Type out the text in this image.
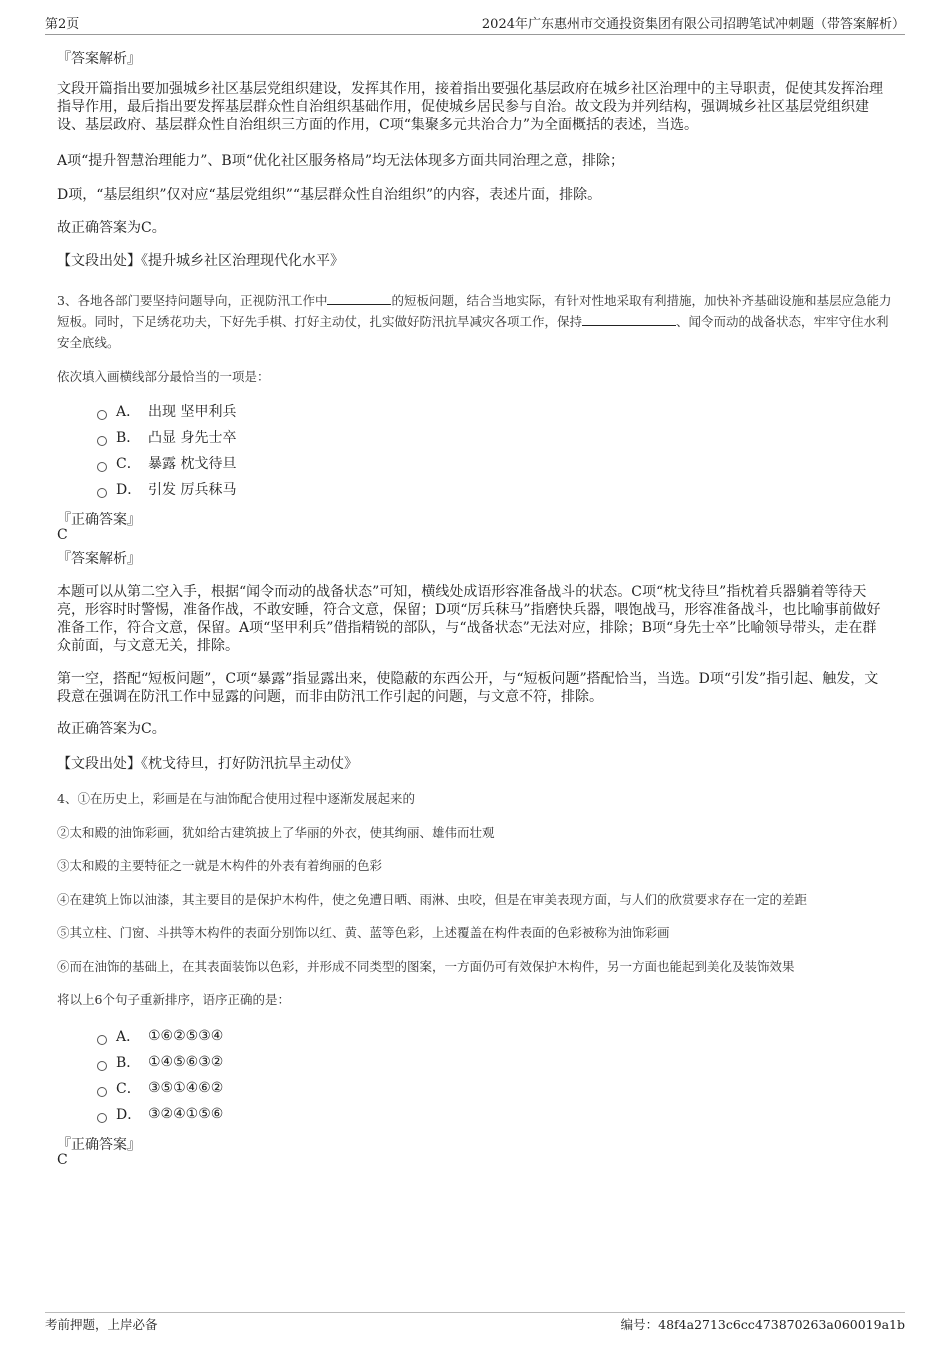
第2页	2024年广东惠州市交通投资集团有限公司招聘笔试冲刺题（带答案解析）
『答案解析』
文段开篇指出要加强城乡社区基层党组织建设，发挥其作用，接着指出要强化基层政府在城乡社区治理中的主导职责，促使其发挥治理指导作用，最后指出要发挥基层群众性自治组织基础作用，促使城乡居民参与自治。故文段为并列结构，强调城乡社区基层党组织建设、基层政府、基层群众性自治组织三方面的作用，C项“集聚多元共治合力”为全面概括的表述，当选。
A项“提升智慧治理能力”、B项“优化社区服务格局”均无法体现多方面共同治理之意，排除；
D项，“基层组织”仅对应“基层党组织”“基层群众性自治组织”的内容，表述片面，排除。
故正确答案为C。
【文段出处】《提升城乡社区治理现代化水平》
3、各地各部门要坚持问题导向，正视防汛工作中	的短板问题，结合当地实际，有针对性地采取有利措施，加快补齐基础设施和基层应急能力短板。同时，下足绣花功夫，下好先手棋、打好主动仗，扎实做好防汛抗旱减灾各项工作，保持	、闻令而动的战备状态，牢牢守住水利安全底线。
依次填入画横线部分最恰当的一项是：
A． 出现 坚甲利兵
B． 凸显 身先士卒
C． 暴露 枕戈待旦
D． 引发 厉兵秣马
『正确答案』
C
『答案解析』
本题可以从第二空入手，根据“闻令而动的战备状态”可知，横线处成语形容准备战斗的状态。C项“枕戈待旦”指枕着兵器躺着等待天亮，形容时时警惕，准备作战，不敢安睡，符合文意，保留；D项“厉兵秣马”指磨快兵器，喂饱战马，形容准备战斗，也比喻事前做好准备工作，符合文意，保留。A项“坚甲利兵”借指精锐的部队，与“战备状态”无法对应，排除；B项“身先士卒”比喻领导带头，走在群众前面，与文意无关，排除。
第一空，搭配“短板问题”，C项“暴露”指显露出来，使隐蔽的东西公开，与“短板问题”搭配恰当，当选。D项“引发”指引起、触发，文段意在强调在防汛工作中显露的问题，而非由防汛工作引起的问题，与文意不符，排除。
故正确答案为C。
【文段出处】《枕戈待旦，打好防汛抗旱主动仗》
4、①在历史上，彩画是在与油饰配合使用过程中逐渐发展起来的
②太和殿的油饰彩画，犹如给古建筑披上了华丽的外衣，使其绚丽、雄伟而壮观
③太和殿的主要特征之一就是木构件的外表有着绚丽的色彩
④在建筑上饰以油漆，其主要目的是保护木构件，使之免遭日晒、雨淋、虫咬，但是在审美表现方面，与人们的欣赏要求存在一定的差距
⑤其立柱、门窗、斗拱等木构件的表面分别饰以红、黄、蓝等色彩，上述覆盖在构件表面的色彩被称为油饰彩画
⑥而在油饰的基础上，在其表面装饰以色彩，并形成不同类型的图案，一方面仍可有效保护木构件，另一方面也能起到美化及装饰效果
将以上6个句子重新排序，语序正确的是：
A． ①⑥②⑤③④
B． ①④⑤⑥③②
C． ③⑤①④⑥②
D． ③②④①⑤⑥
『正确答案』
C
考前押题，上岸必备	编号：48f4a2713c6cc473870263a060019a1b
